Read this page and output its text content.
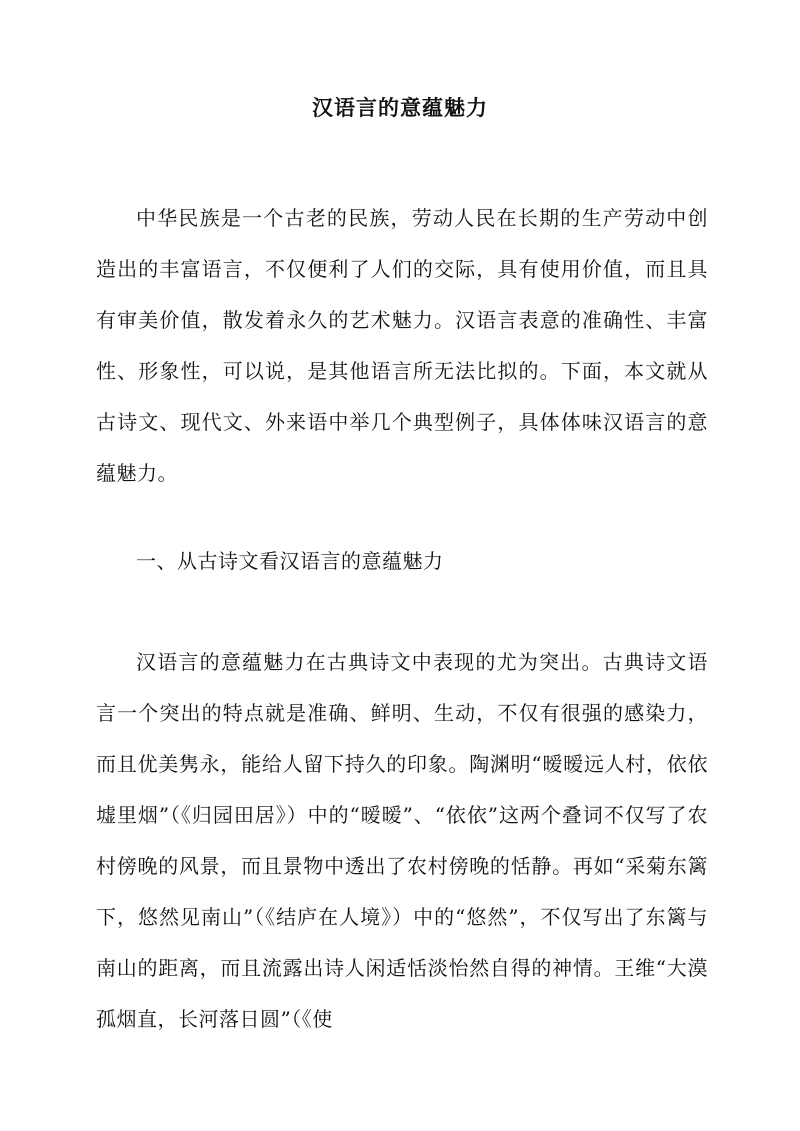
汉语言的意蕴魅力

中华民族是一个古老的民族，劳动人民在长期的生产劳动中创造出的丰富语言，不仅便利了人们的交际，具有使用价值，而且具有审美价值，散发着永久的艺术魅力。汉语言表意的准确性、丰富性、形象性，可以说，是其他语言所无法比拟的。下面，本文就从古诗文、现代文、外来语中举几个典型例子，具体体味汉语言的意蕴魅力。

一、从古诗文看汉语言的意蕴魅力

汉语言的意蕴魅力在古典诗文中表现的尤为突出。古典诗文语言一个突出的特点就是准确、鲜明、生动，不仅有很强的感染力，而且优美隽永，能给人留下持久的印象。陶渊明“暧暧远人村，依依墟里烟”（《归园田居》）中的“暧暧”、“依依”这两个叠词不仅写了农村傍晚的风景，而且景物中透出了农村傍晚的恬静。再如“采菊东篱下，悠然见南山”（《结庐在人境》）中的“悠然”，不仅写出了东篱与南山的距离，而且流露出诗人闲适恬淡怡然自得的神情。王维“大漠孤烟直，长河落日圆”（《使
